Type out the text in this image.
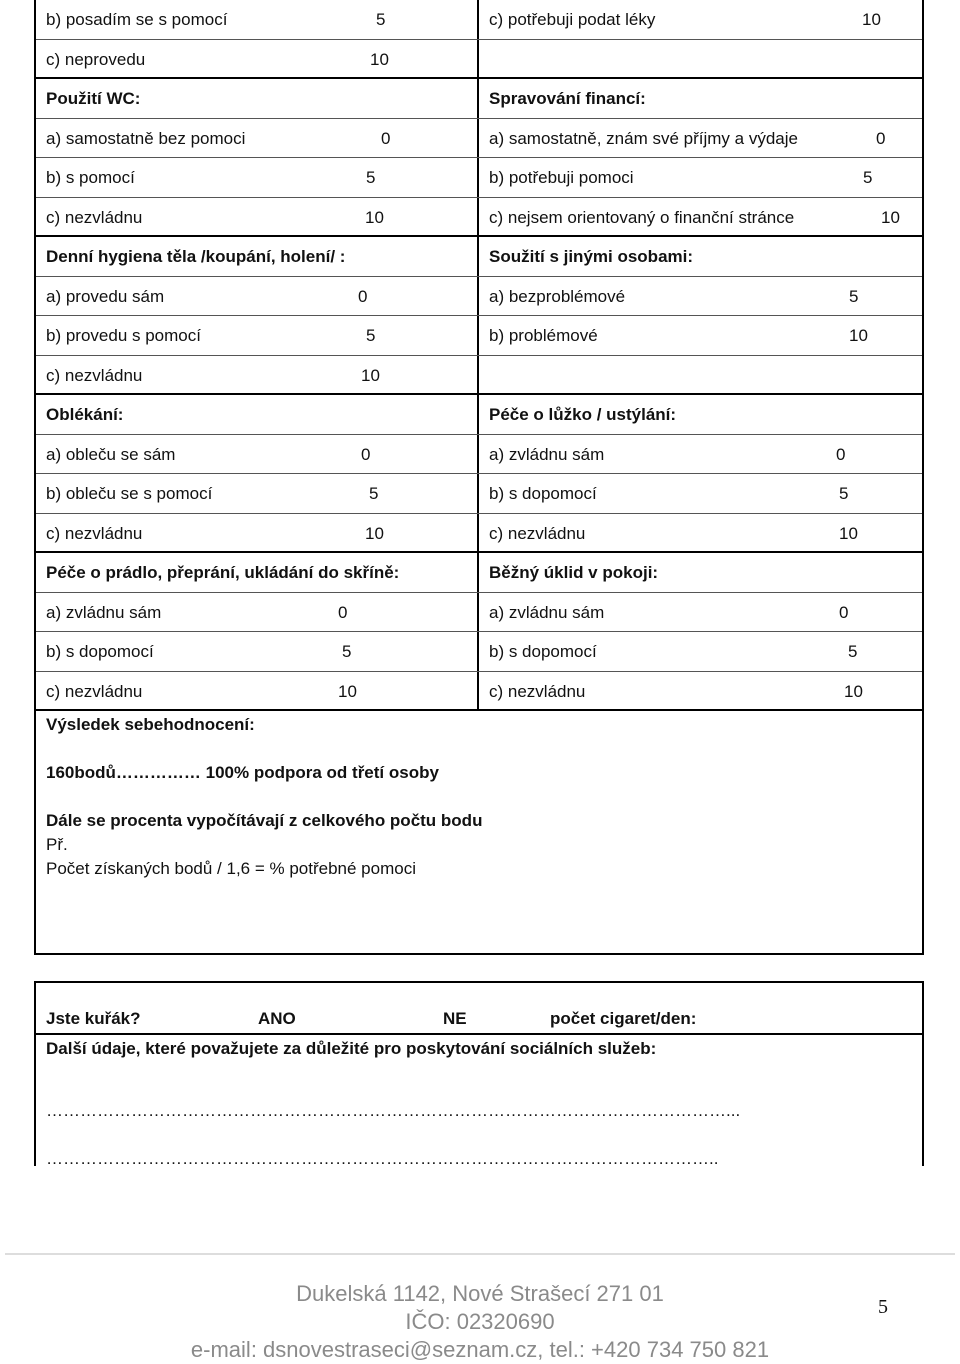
b) posadím se s pomocí	5	c) potřebuji podat léky	10
c) neprovedu	10
Použití WC:	Spravování financí:
a) samostatně bez pomoci	0	a) samostatně, znám své příjmy a výdaje	0
b) s pomocí	5	b) potřebuji pomoci	5
c) nezvládnu	10	c) nejsem orientovaný o finanční stránce	10
Denní hygiena těla /koupání, holení/ :	Soužití s jinými osobami:
a) provedu sám	0	a) bezproblémové	5
b) provedu s pomocí	5	b) problémové	10
c) nezvládnu	10
Oblékání:	Péče o lůžko / ustýlání:
a) obleču se sám	0	a) zvládnu sám	0
b) obleču se s pomocí	5	b) s dopomocí	5
c) nezvládnu	10	c) nezvládnu	10
Péče o prádlo, přeprání, ukládání do skříně:	Běžný úklid v pokoji:
a) zvládnu sám	0	a) zvládnu sám	0
b) s dopomocí	5	b) s dopomocí	5
c) nezvládnu	10	c) nezvládnu	10
Výsledek sebehodnocení:
160bodů…………… 100% podpora od třetí osoby
Dále se procenta vypočítávají z celkového počtu bodu
Př.
Počet získaných bodů / 1,6 = % potřebné pomoci
Jste kuřák?	ANO	NE	počet cigaret/den:
Další údaje, které považujete za důležité pro poskytování sociálních služeb:
…………………………………………………………………………………………………………...
………………………………………………………………………………………………………..
Dukelská 1142, Nové Strašecí 271 01
IČO: 02320690
e-mail: dsnovestraseci@seznam.cz, tel.: +420 734 750 821
5
